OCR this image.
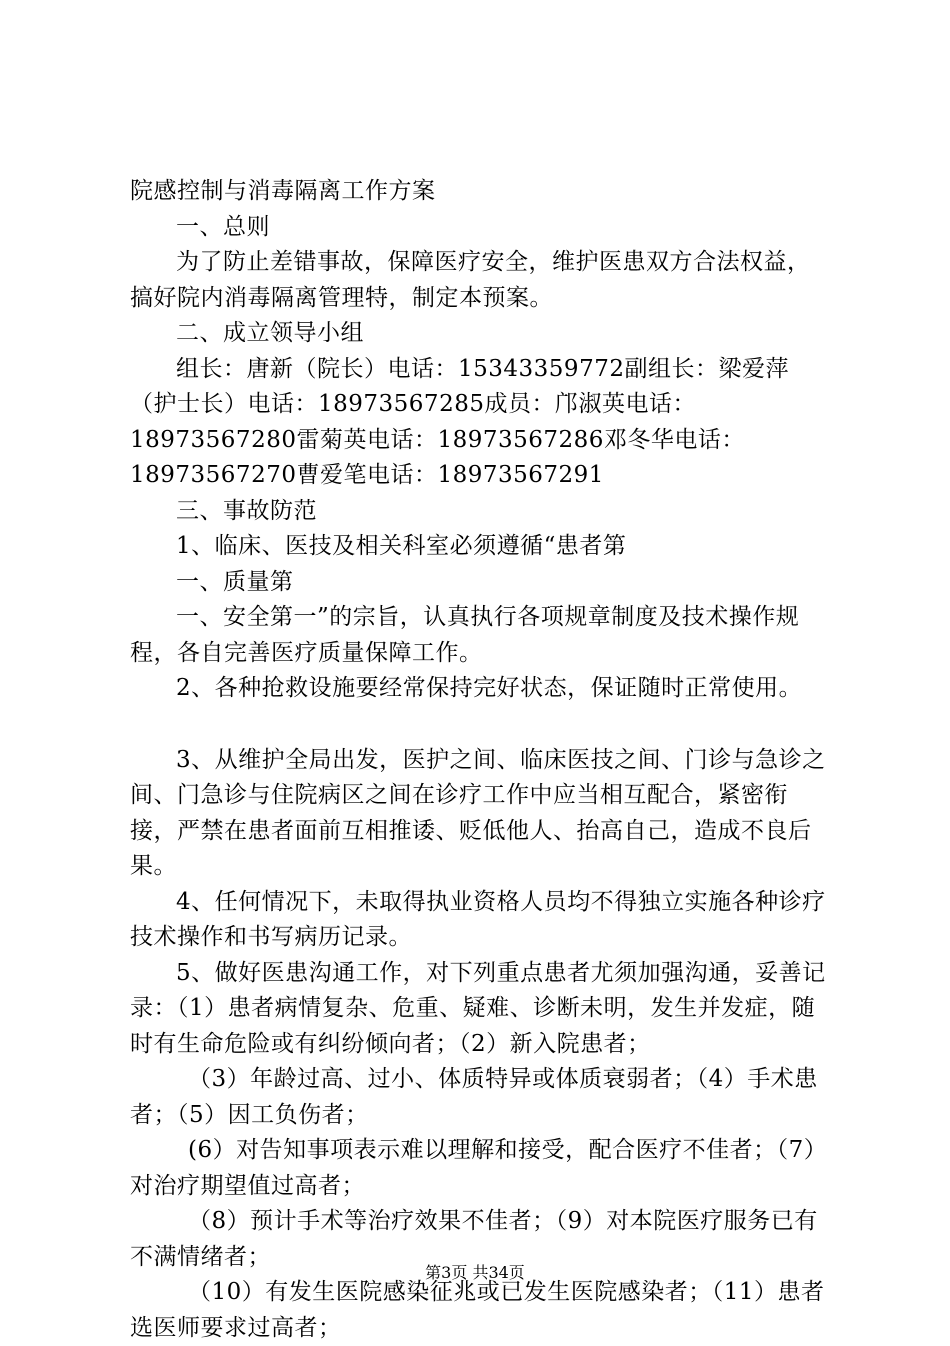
院感控制与消毒隔离工作方案

一、总则

为了防止差错事故，保障医疗安全，维护医患双方合法权益，搞好院内消毒隔离管理特，制定本预案。

二、成立领导小组

组长：唐新（院长）电话：15343359772副组长：梁爱萍（护士长）电话：18973567285成员：邝淑英电话：18973567280雷菊英电话：18973567286邓冬华电话：18973567270曹爱笔电话：18973567291

三、事故防范

1、临床、医技及相关科室必须遵循“患者第

一、质量第

一、安全第一”的宗旨，认真执行各项规章制度及技术操作规程，各自完善医疗质量保障工作。

2、各种抢救设施要经常保持完好状态，保证随时正常使用。

3、从维护全局出发，医护之间、临床医技之间、门诊与急诊之间、门急诊与住院病区之间在诊疗工作中应当相互配合，紧密衔接，严禁在患者面前互相推诿、贬低他人、抬高自己，造成不良后果。

4、任何情况下，未取得执业资格人员均不得独立实施各种诊疗技术操作和书写病历记录。

5、做好医患沟通工作，对下列重点患者尤须加强沟通，妥善记录：（1）患者病情复杂、危重、疑难、诊断未明，发生并发症，随时有生命危险或有纠纷倾向者；（2）新入院患者；

（3）年龄过高、过小、体质特异或体质衰弱者；（4）手术患者；（5）因工负伤者；

(6）对告知事项表示难以理解和接受，配合医疗不佳者；（7）对治疗期望值过高者；

（8）预计手术等治疗效果不佳者；（9）对本院医疗服务已有不满情绪者；

（10）有发生医院感染征兆或已发生医院感染者；（11）患者选医师要求过高者；

第3页 共34页
